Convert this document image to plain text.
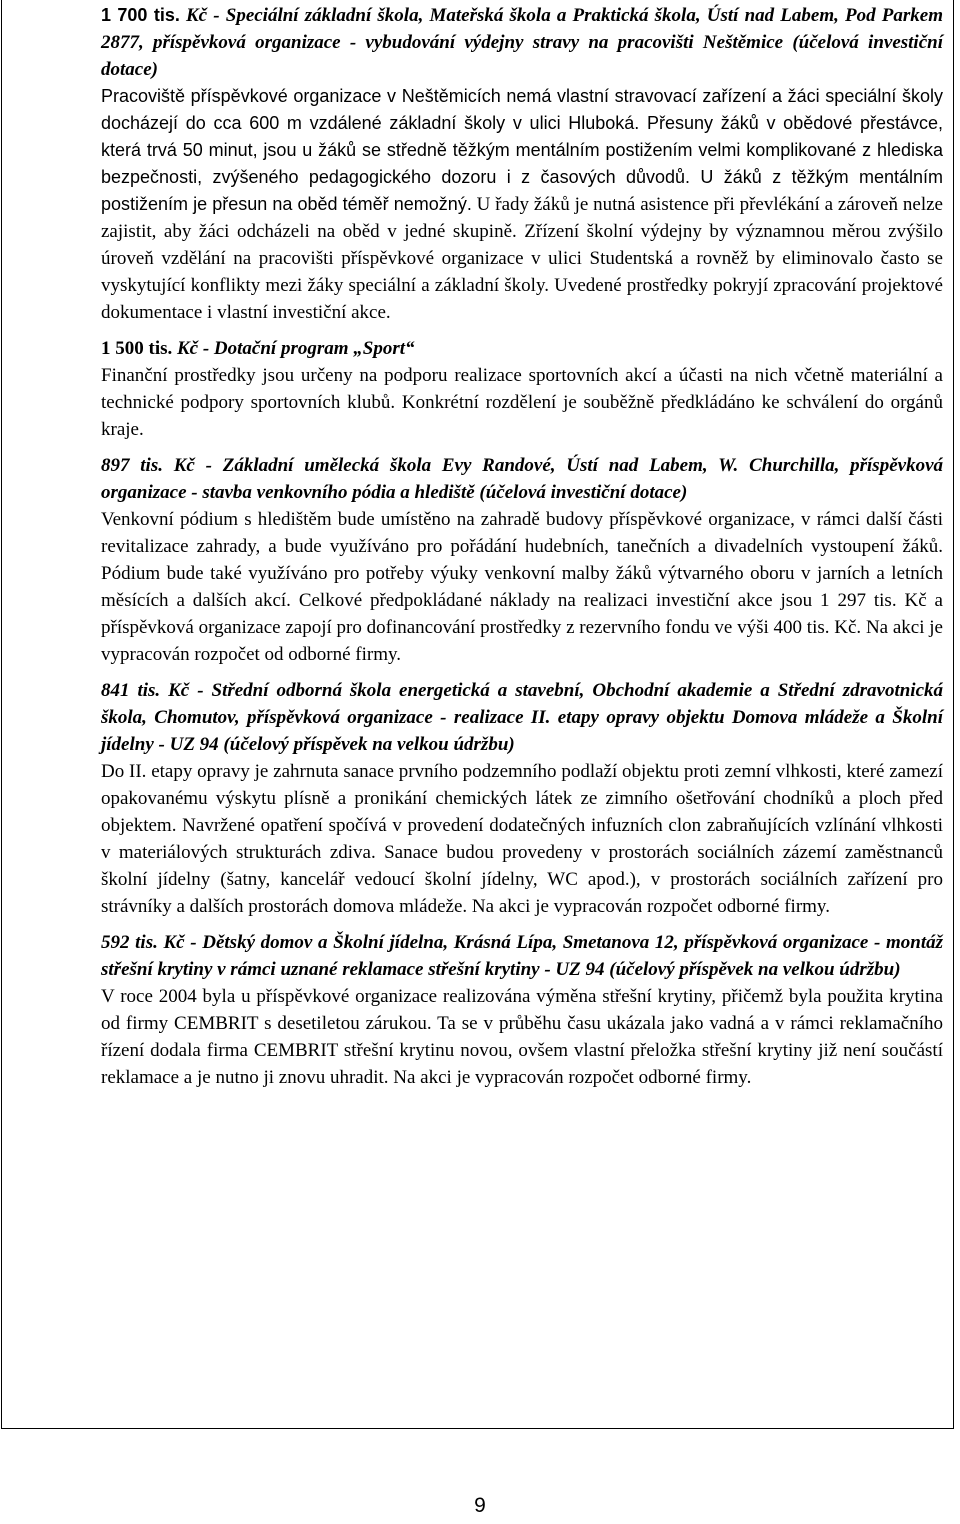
1 700 tis. Kč - Speciální základní škola, Mateřská škola a Praktická škola, Ústí nad Labem, Pod Parkem 2877, příspěvková organizace - vybudování výdejny stravy na pracovišti Neštěmice (účelová investiční dotace)

Pracoviště příspěvkové organizace v Neštěmicích nemá vlastní stravovací zařízení a žáci speciální školy docházejí do cca 600 m vzdálené základní školy v ulici Hluboká. Přesuny žáků v obědové přestávce, která trvá 50 minut, jsou u žáků se středně těžkým mentálním postižením velmi komplikované z hlediska bezpečnosti, zvýšeného pedagogického dozoru i z časových důvodů. U žáků z těžkým mentálním postižením je přesun na oběd téměř nemožný. U řady žáků je nutná asistence při převlékání a zároveň nelze zajistit, aby žáci odcházeli na oběd v jedné skupině. Zřízení školní výdejny by významnou měrou zvýšilo úroveň vzdělání na pracovišti příspěvkové organizace v ulici Studentská a rovněž by eliminovalo často se vyskytující konflikty mezi žáky speciální a základní školy. Uvedené prostředky pokryjí zpracování projektové dokumentace i vlastní investiční akce.

1 500 tis. Kč - Dotační program „Sport“

Finanční prostředky jsou určeny na podporu realizace sportovních akcí a účasti na nich včetně materiální a technické podpory sportovních klubů. Konkrétní rozdělení je souběžně předkládáno ke schválení do orgánů kraje.

897 tis. Kč - Základní umělecká škola Evy Randové, Ústí nad Labem, W. Churchilla, příspěvková organizace - stavba venkovního pódia a hlediště (účelová investiční dotace)

Venkovní pódium s hledištěm bude umístěno na zahradě budovy příspěvkové organizace, v rámci další části revitalizace zahrady, a bude využíváno pro pořádání hudebních, tanečních a divadelních vystoupení žáků. Pódium bude také využíváno pro potřeby výuky venkovní malby žáků výtvarného oboru v jarních a letních měsících a dalších akcí. Celkové předpokládané náklady na realizaci investiční akce jsou 1 297 tis. Kč a příspěvková organizace zapojí pro dofinancování prostředky z rezervního fondu ve výši 400 tis. Kč. Na akci je vypracován rozpočet od odborné firmy.

841 tis. Kč - Střední odborná škola energetická a stavební, Obchodní akademie a Střední zdravotnická škola, Chomutov, příspěvková organizace - realizace II. etapy opravy objektu Domova mládeže a Školní jídelny - UZ 94 (účelový příspěvek na velkou údržbu)

Do II. etapy opravy je zahrnuta sanace prvního podzemního podlaží objektu proti zemní vlhkosti, které zamezí opakovanému výskytu plísně a pronikání chemických látek ze zimního ošetřování chodníků a ploch před objektem. Navržené opatření spočívá v provedení dodatečných infuzních clon zabraňujících vzlínání vlhkosti v materiálových strukturách zdiva. Sanace budou provedeny v prostorách sociálních zázemí zaměstnanců školní jídelny (šatny, kancelář vedoucí školní jídelny, WC apod.), v prostorách sociálních zařízení pro strávníky a dalších prostorách domova mládeže. Na akci je vypracován rozpočet odborné firmy.

592 tis. Kč - Dětský domov a Školní jídelna, Krásná Lípa, Smetanova 12, příspěvková organizace - montáž střešní krytiny v rámci uznané reklamace střešní krytiny - UZ 94 (účelový příspěvek na velkou údržbu)

V roce 2004 byla u příspěvkové organizace realizována výměna střešní krytiny, přičemž byla použita krytina od firmy CEMBRIT s desetiletou zárukou. Ta se v průběhu času ukázala jako vadná a v rámci reklamačního řízení dodala firma CEMBRIT střešní krytinu novou, ovšem vlastní přeložka střešní krytiny již není součástí reklamace a je nutno ji znovu uhradit. Na akci je vypracován rozpočet odborné firmy.

9
